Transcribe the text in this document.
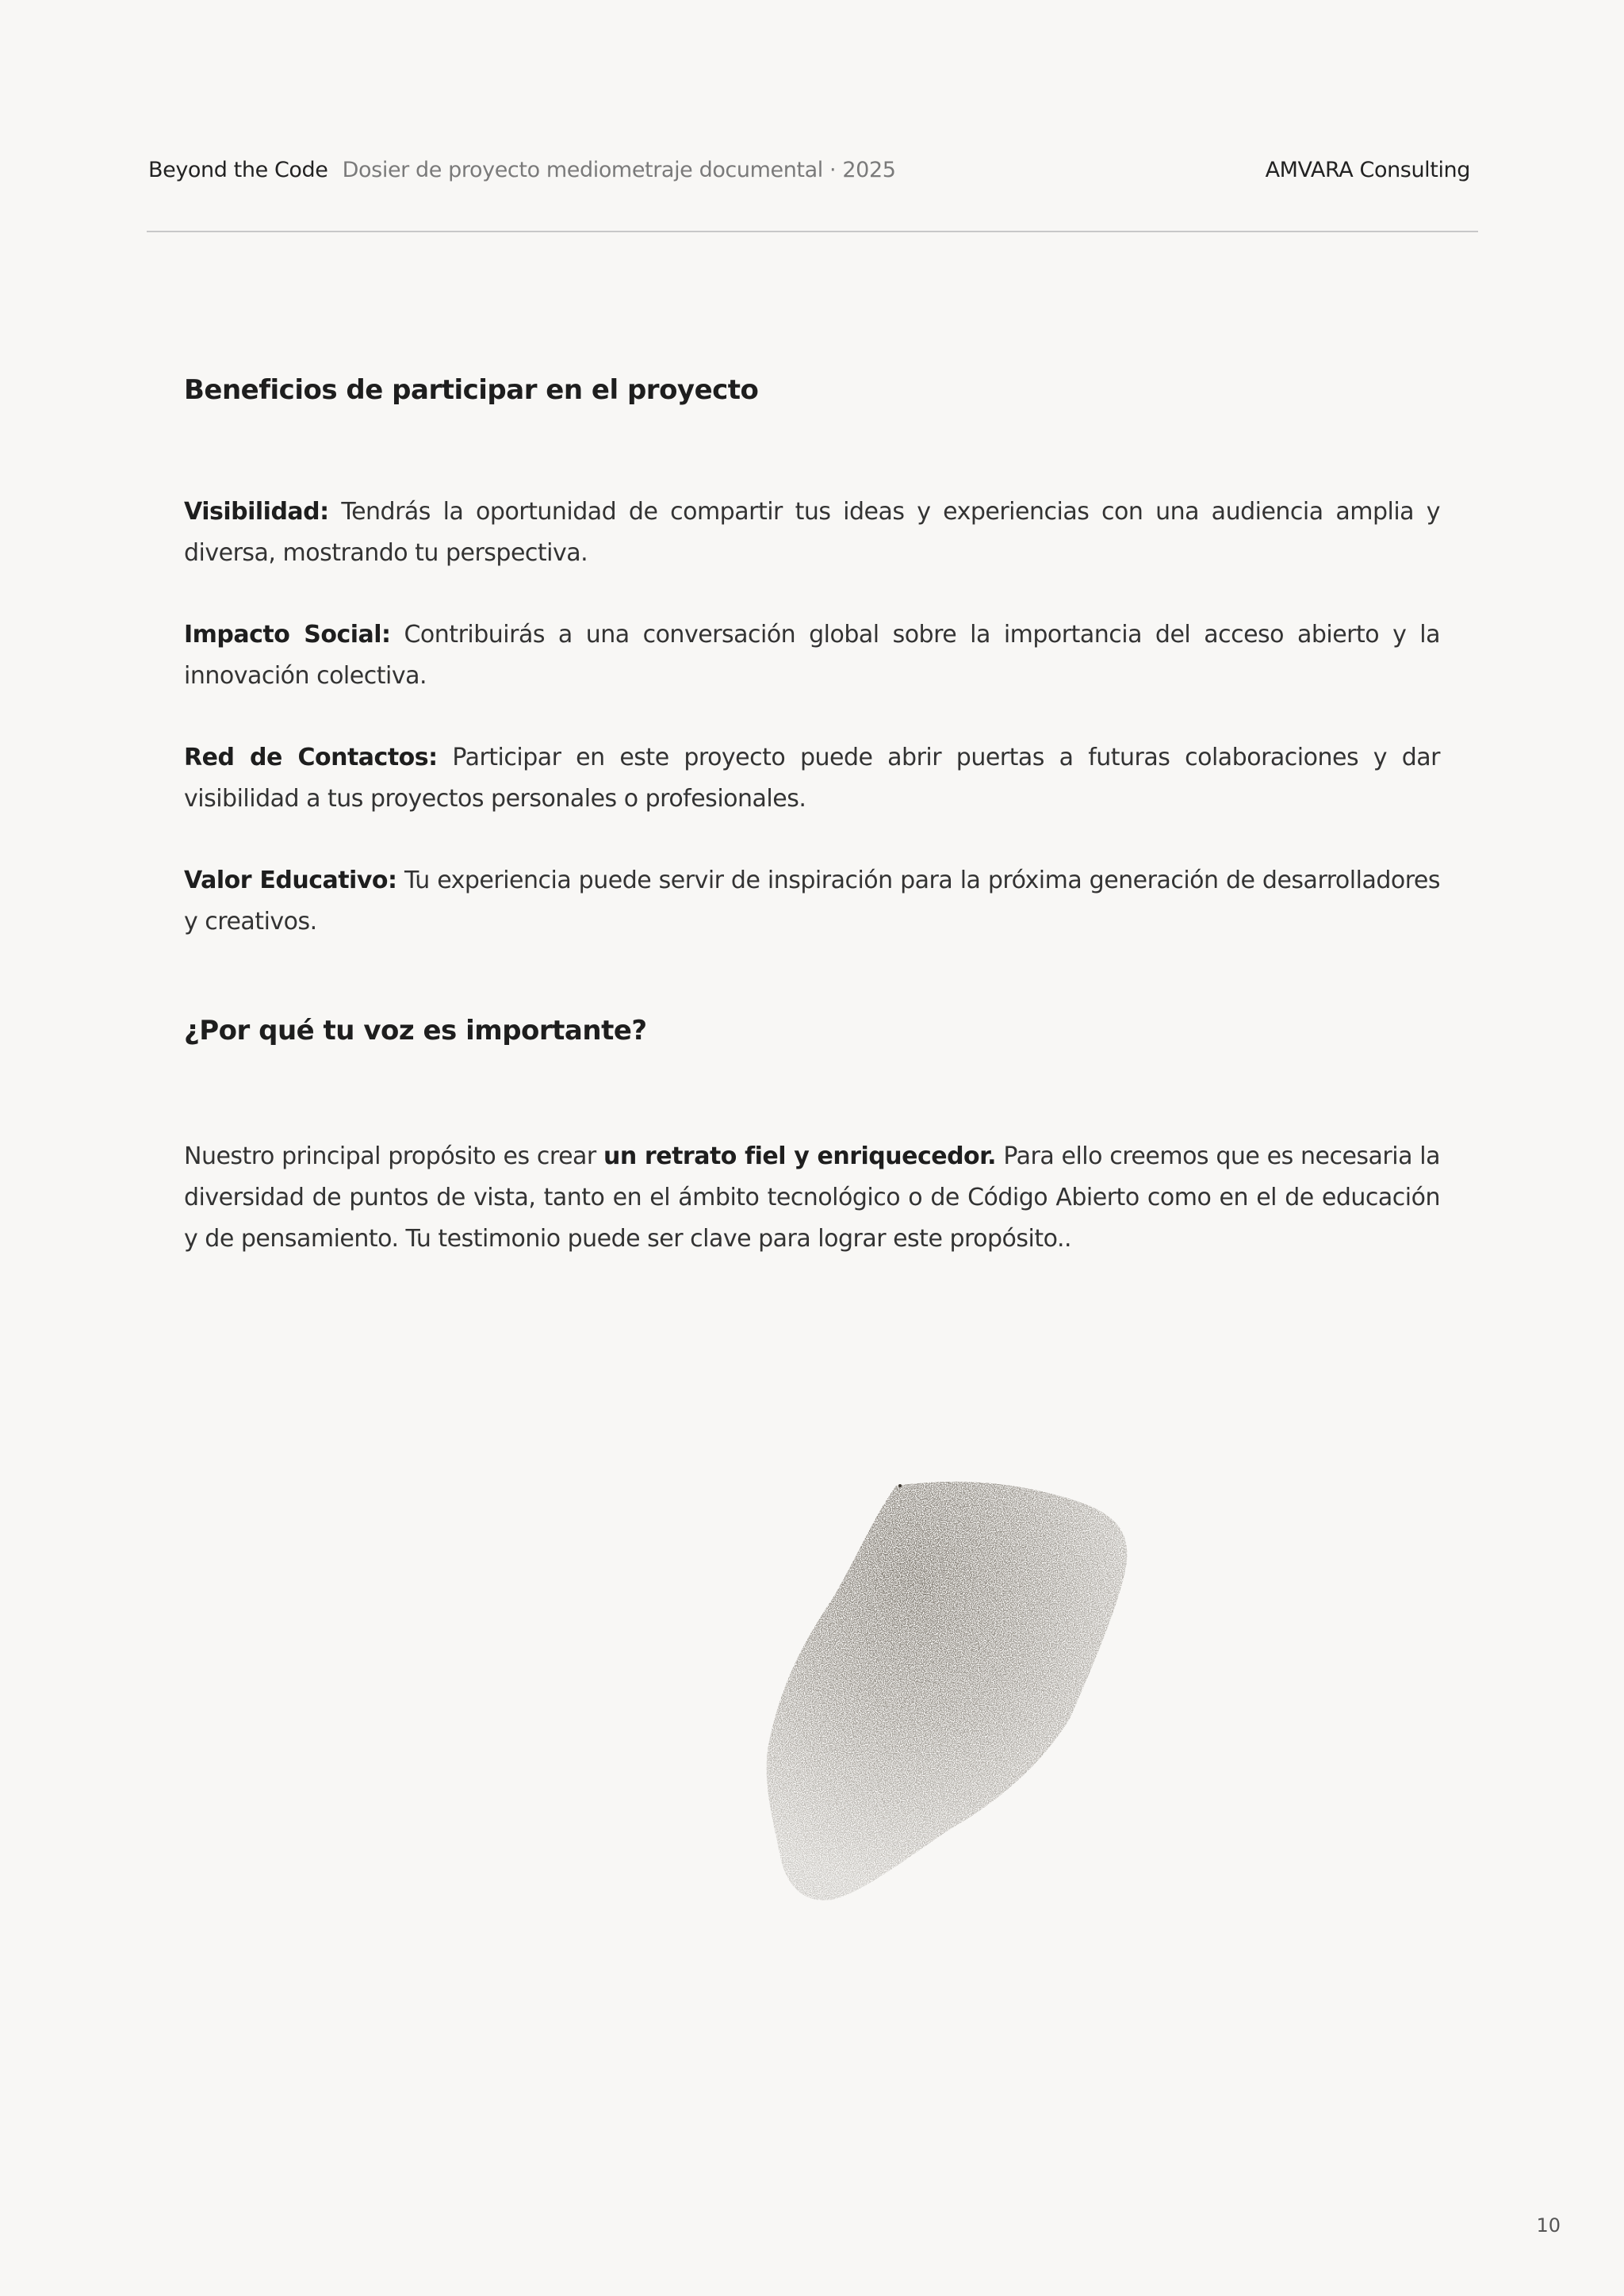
Beyond the Code Dosier de proyecto mediometraje documental · 2025	AMVARA Consulting
Beneficios de participar en el proyecto

Visibilidad: Tendrás la oportunidad de compartir tus ideas y experiencias con una audiencia amplia y diversa, mostrando tu perspectiva.

Impacto Social: Contribuirás a una conversación global sobre la importancia del acceso abierto y la innovación colectiva.

Red de Contactos: Participar en este proyecto puede abrir puertas a futuras colaboraciones y dar visibilidad a tus proyectos personales o profesionales.

Valor Educativo: Tu experiencia puede servir de inspiración para la próxima generación de desarrolladores y creativos.

¿Por qué tu voz es importante?

Nuestro principal propósito es crear un retrato fiel y enriquecedor. Para ello creemos que es necesaria la diversidad de puntos de vista, tanto en el ámbito tecnológico o de Código Abierto como en el de educación y de pensamiento. Tu testimonio puede ser clave para lograr este propósito..

10
